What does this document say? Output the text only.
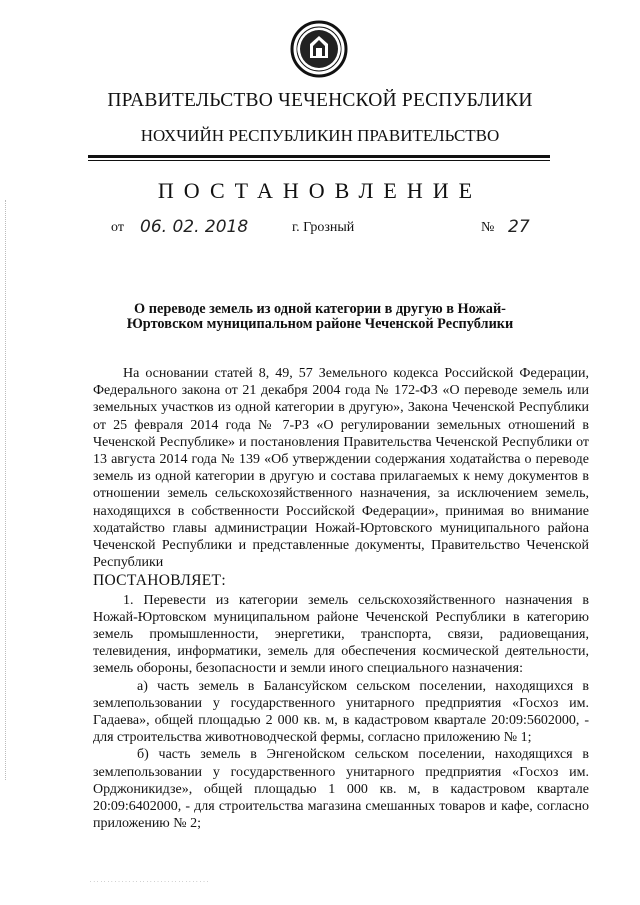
ПРАВИТЕЛЬСТВО ЧЕЧЕНСКОЙ РЕСПУБЛИКИ
НОХЧИЙН РЕСПУБЛИКИН ПРАВИТЕЛЬСТВО
ПОСТАНОВЛЕНИЕ
от 06. 02. 2018	г. Грозный	№ 27
О переводе земель из одной категории в другую в Ножай-Юртовском муниципальном районе Чеченской Республики

На основании статей 8, 49, 57 Земельного кодекса Российской Федерации, Федерального закона от 21 декабря 2004 года № 172-ФЗ «О переводе земель или земельных участков из одной категории в другую», Закона Чеченской Республики от 25 февраля 2014 года № 7-РЗ «О регулировании земельных отношений в Чеченской Республике» и постановления Правительства Чеченской Республики от 13 августа 2014 года № 139 «Об утверждении содержания ходатайства о переводе земель из одной категории в другую и состава прилагаемых к нему документов в отношении земель сельскохозяйственного назначения, за исключением земель, находящихся в собственности Российской Федерации», принимая во внимание ходатайство главы администрации Ножай-Юртовского муниципального района Чеченской Республики и представленные документы, Правительство Чеченской Республики

ПОСТАНОВЛЯЕТ:

1. Перевести из категории земель сельскохозяйственного назначения в Ножай-Юртовском муниципальном районе Чеченской Республики в категорию земель промышленности, энергетики, транспорта, связи, радиовещания, телевидения, информатики, земель для обеспечения космической деятельности, земель обороны, безопасности и земли иного специального назначения:

а) часть земель в Балансуйском сельском поселении, находящихся в землепользовании у государственного унитарного предприятия «Госхоз им. Гадаева», общей площадью 2 000 кв. м, в кадастровом квартале 20:09:5602000, - для строительства животноводческой фермы, согласно приложению № 1;

б) часть земель в Энгенойском сельском поселении, находящихся в землепользовании у государственного унитарного предприятия «Госхоз им. Орджоникидзе», общей площадью 1 000 кв. м, в кадастровом квартале 20:09:6402000, - для строительства магазина смешанных товаров и кафе, согласно приложению № 2;

· · · · · · · · · · · · · · · · · · · · · · · · · · · · · · · · · ·
